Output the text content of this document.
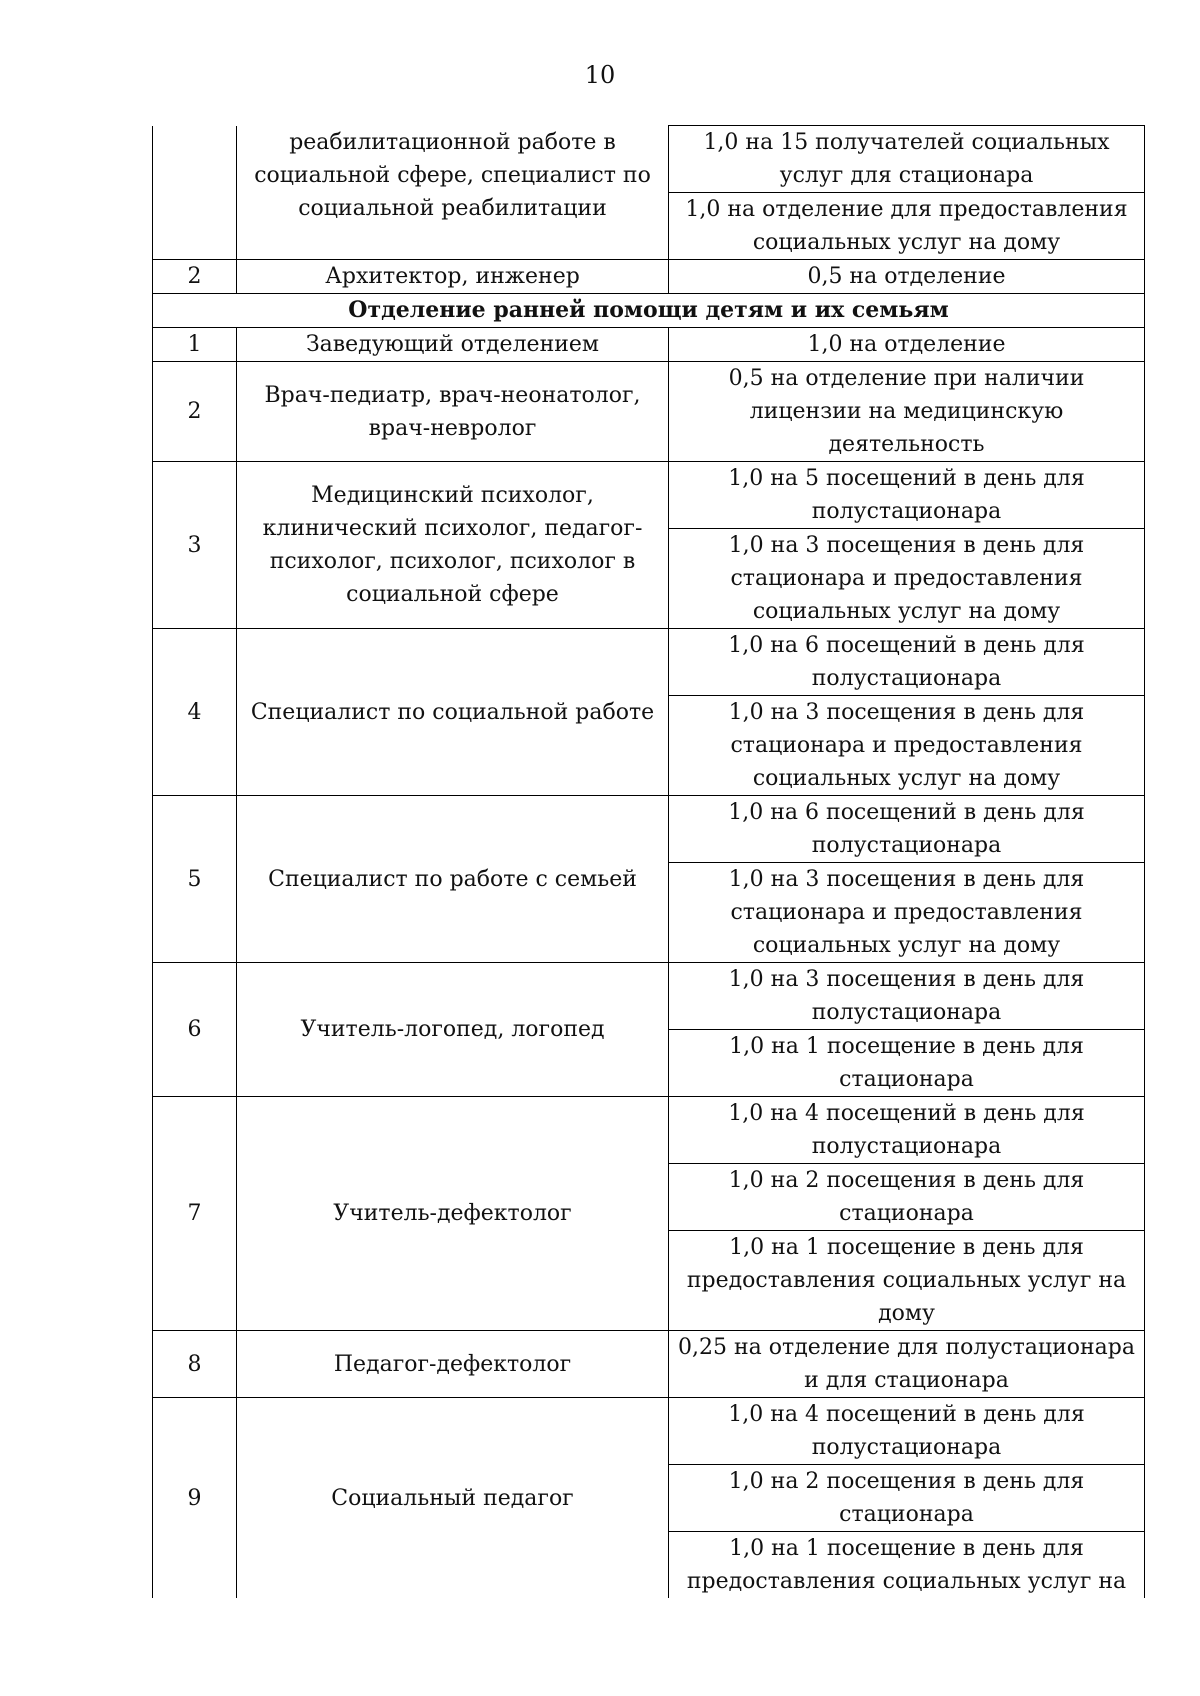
10
	реабилитационной работе в социальной сфере, специалист по социальной реабилитации	1,0 на 15 получателей социальных услуг для стационара
		1,0 на отделение для предоставления социальных услуг на дому
2	Архитектор, инженер	0,5 на отделение
Отделение ранней помощи детям и их семьям		
1	Заведующий отделением	1,0 на отделение
2	Врач-педиатр, врач-неонатолог, врач-невролог	0,5 на отделение при наличии лицензии на медицинскую деятельность
3	Медицинский психолог, клинический психолог, педагог-психолог, психолог, психолог в социальной сфере	1,0 на 5 посещений в день для полустационара
		1,0 на 3 посещения в день для стационара и предоставления социальных услуг на дому
4	Специалист по социальной работе	1,0 на 6 посещений в день для полустационара
		1,0 на 3 посещения в день для стационара и предоставления социальных услуг на дому
5	Специалист по работе с семьей	1,0 на 6 посещений в день для полустационара
		1,0 на 3 посещения в день для стационара и предоставления социальных услуг на дому
6	Учитель-логопед, логопед	1,0 на 3 посещения в день для полустационара
		1,0 на 1 посещение в день для стационара
7	Учитель-дефектолог	1,0 на 4 посещений в день для полустационара
		1,0 на 2 посещения в день для стационара
		1,0 на 1 посещение в день для предоставления социальных услуг на дому
8	Педагог-дефектолог	0,25 на отделение для полустационара и для стационара
9	Социальный педагог	1,0 на 4 посещений в день для полустационара
		1,0 на 2 посещения в день для стационара
		1,0 на 1 посещение в день для предоставления социальных услуг на
